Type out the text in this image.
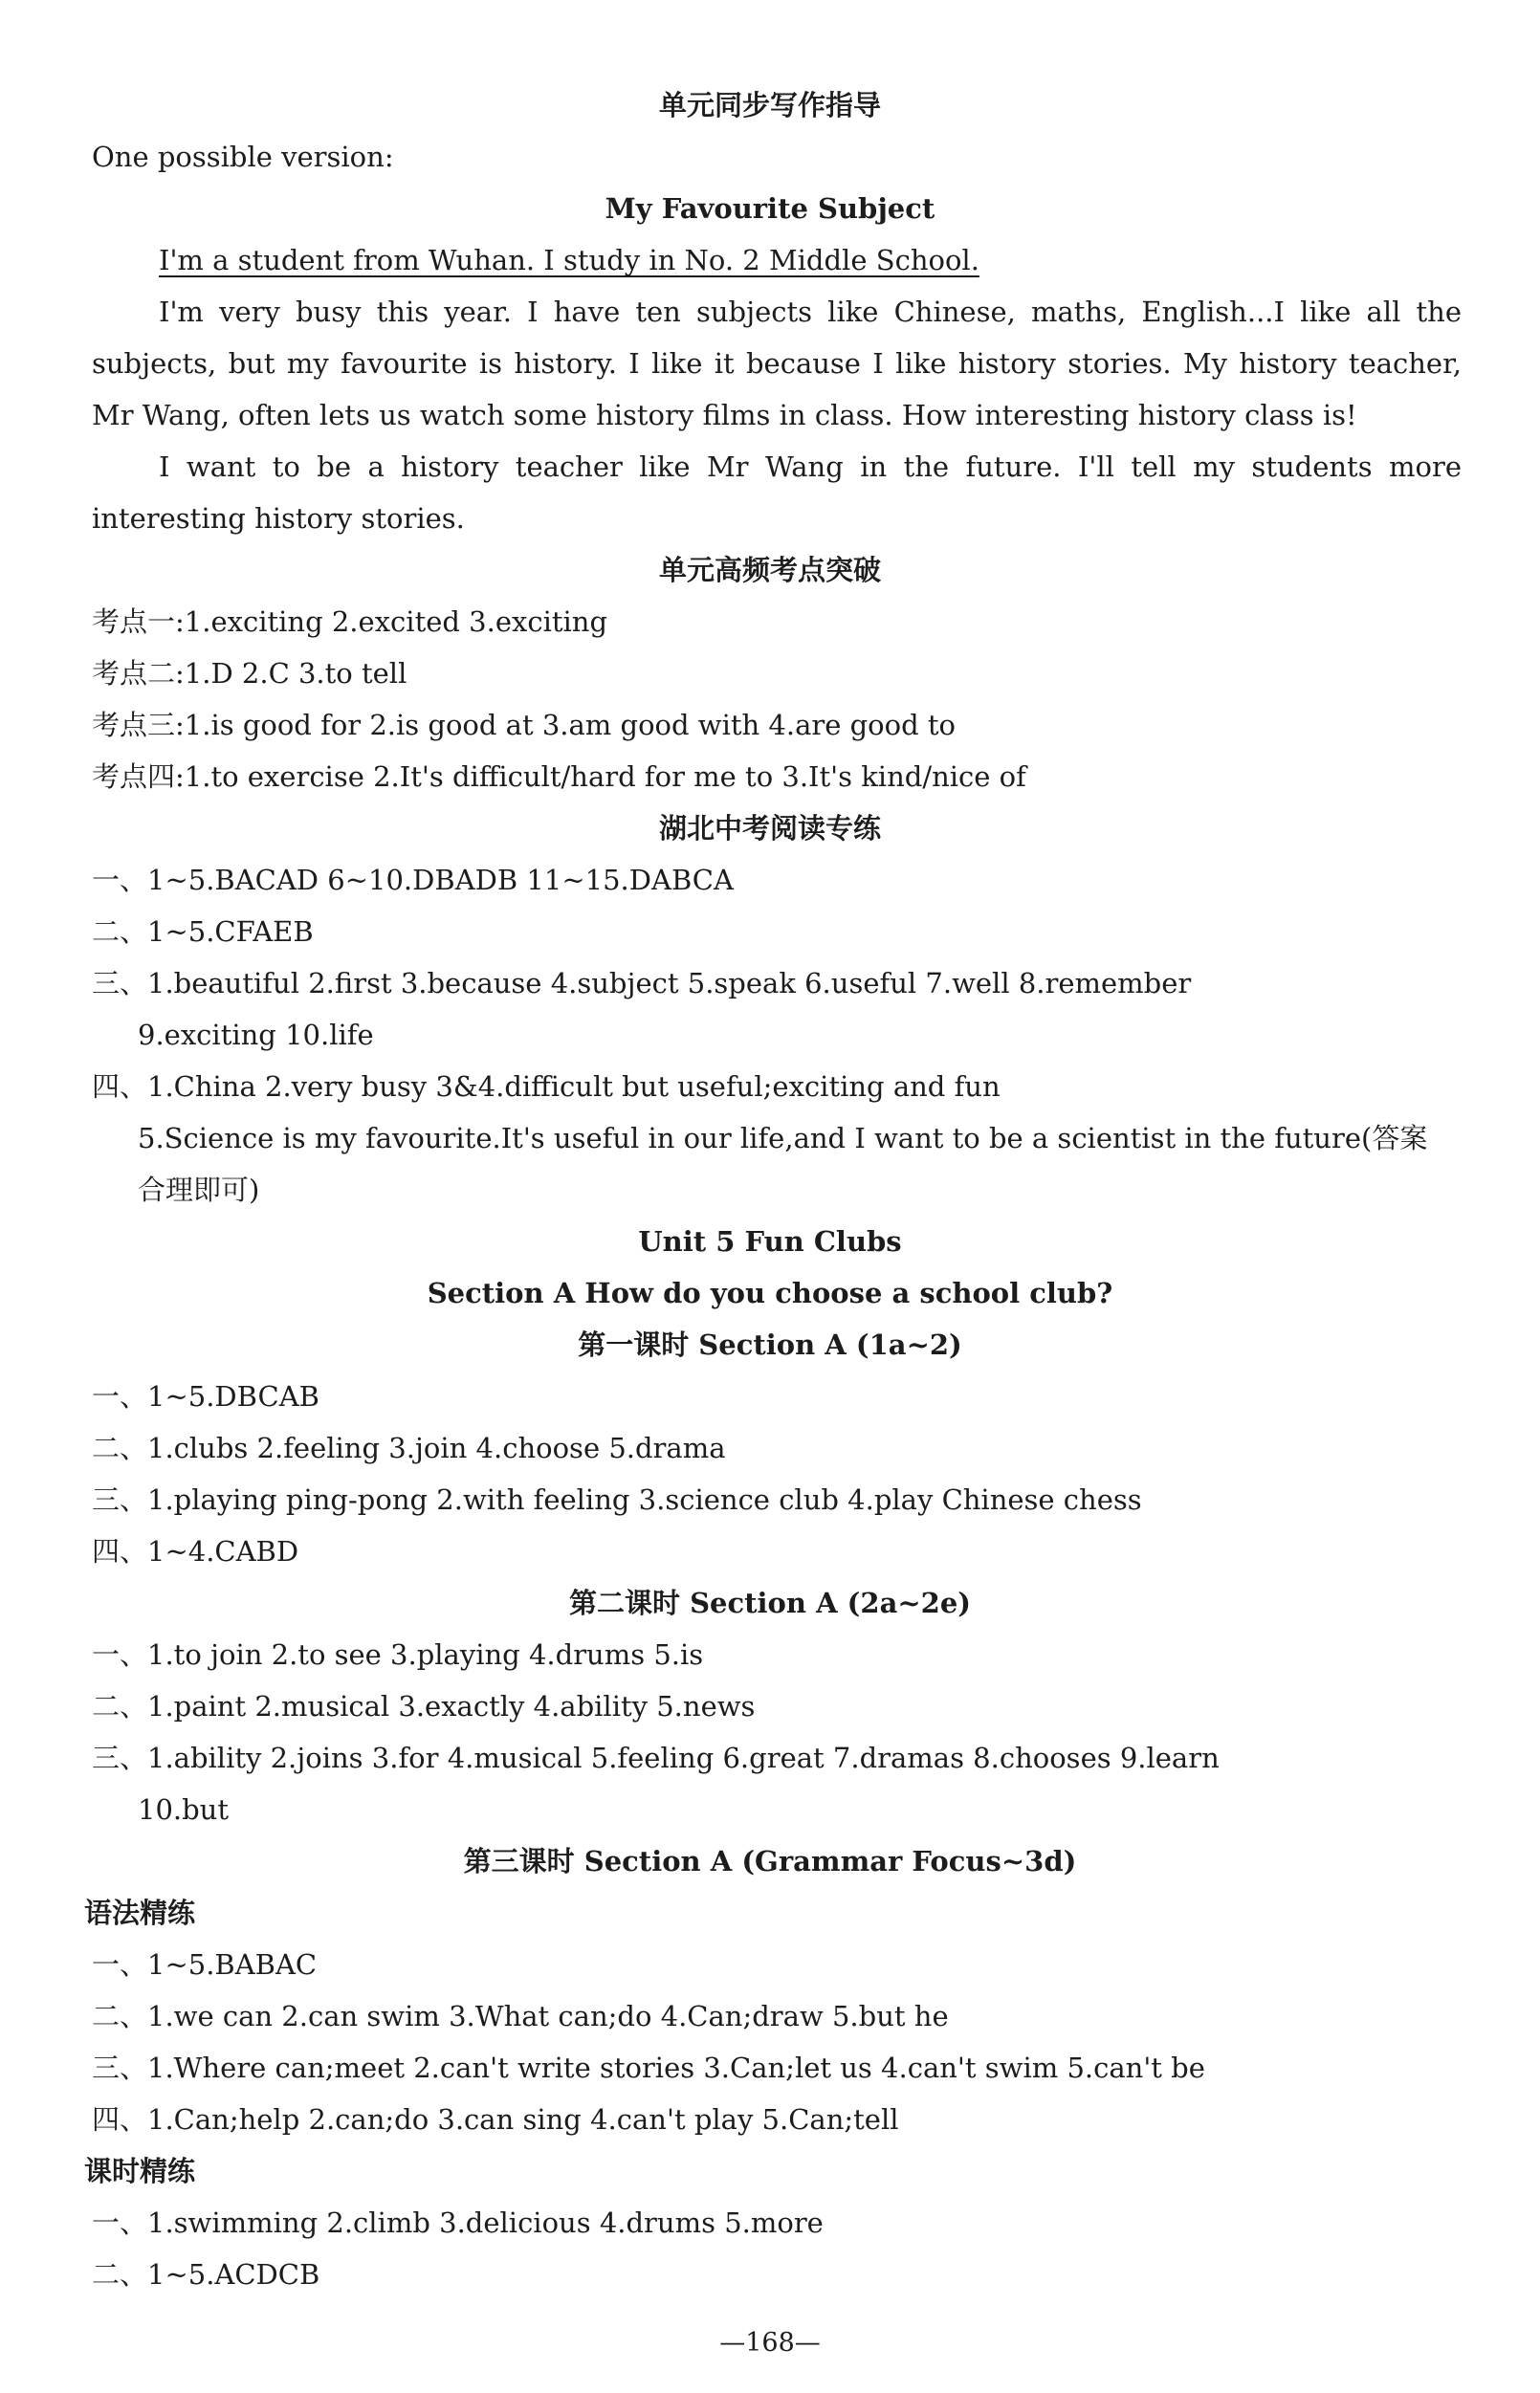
单元同步写作指导
One possible version:
My Favourite Subject
I'm a student from Wuhan. I study in No. 2 Middle School.
I'm very busy this year. I have ten subjects like Chinese, maths, English...I like all the
subjects, but my favourite is history. I like it because I like history stories. My history teacher,
Mr Wang, often lets us watch some history films in class. How interesting history class is!
I want to be a history teacher like Mr Wang in the future. I'll tell my students more
interesting history stories.
单元高频考点突破
考点一:1.exciting 2.excited 3.exciting
考点二:1.D 2.C 3.to tell
考点三:1.is good for 2.is good at 3.am good with 4.are good to
考点四:1.to exercise 2.It's difficult/hard for me to 3.It's kind/nice of
湖北中考阅读专练
一、1~5.BACAD 6~10.DBADB 11~15.DABCA
二、1~5.CFAEB
三、1.beautiful 2.first 3.because 4.subject 5.speak 6.useful 7.well 8.remember
9.exciting 10.life
四、1.China 2.very busy 3&4.difficult but useful;exciting and fun
5.Science is my favourite.It's useful in our life,and I want to be a scientist in the future(答案
合理即可)
Unit 5 Fun Clubs
Section A How do you choose a school club?
第一课时 Section A (1a~2)
一、1~5.DBCAB
二、1.clubs 2.feeling 3.join 4.choose 5.drama
三、1.playing ping-pong 2.with feeling 3.science club 4.play Chinese chess
四、1~4.CABD
第二课时 Section A (2a~2e)
一、1.to join 2.to see 3.playing 4.drums 5.is
二、1.paint 2.musical 3.exactly 4.ability 5.news
三、1.ability 2.joins 3.for 4.musical 5.feeling 6.great 7.dramas 8.chooses 9.learn
10.but
第三课时 Section A (Grammar Focus~3d)
语法精练
一、1~5.BABAC
二、1.we can 2.can swim 3.What can;do 4.Can;draw 5.but he
三、1.Where can;meet 2.can't write stories 3.Can;let us 4.can't swim 5.can't be
四、1.Can;help 2.can;do 3.can sing 4.can't play 5.Can;tell
课时精练
一、1.swimming 2.climb 3.delicious 4.drums 5.more
二、1~5.ACDCB
—168—
